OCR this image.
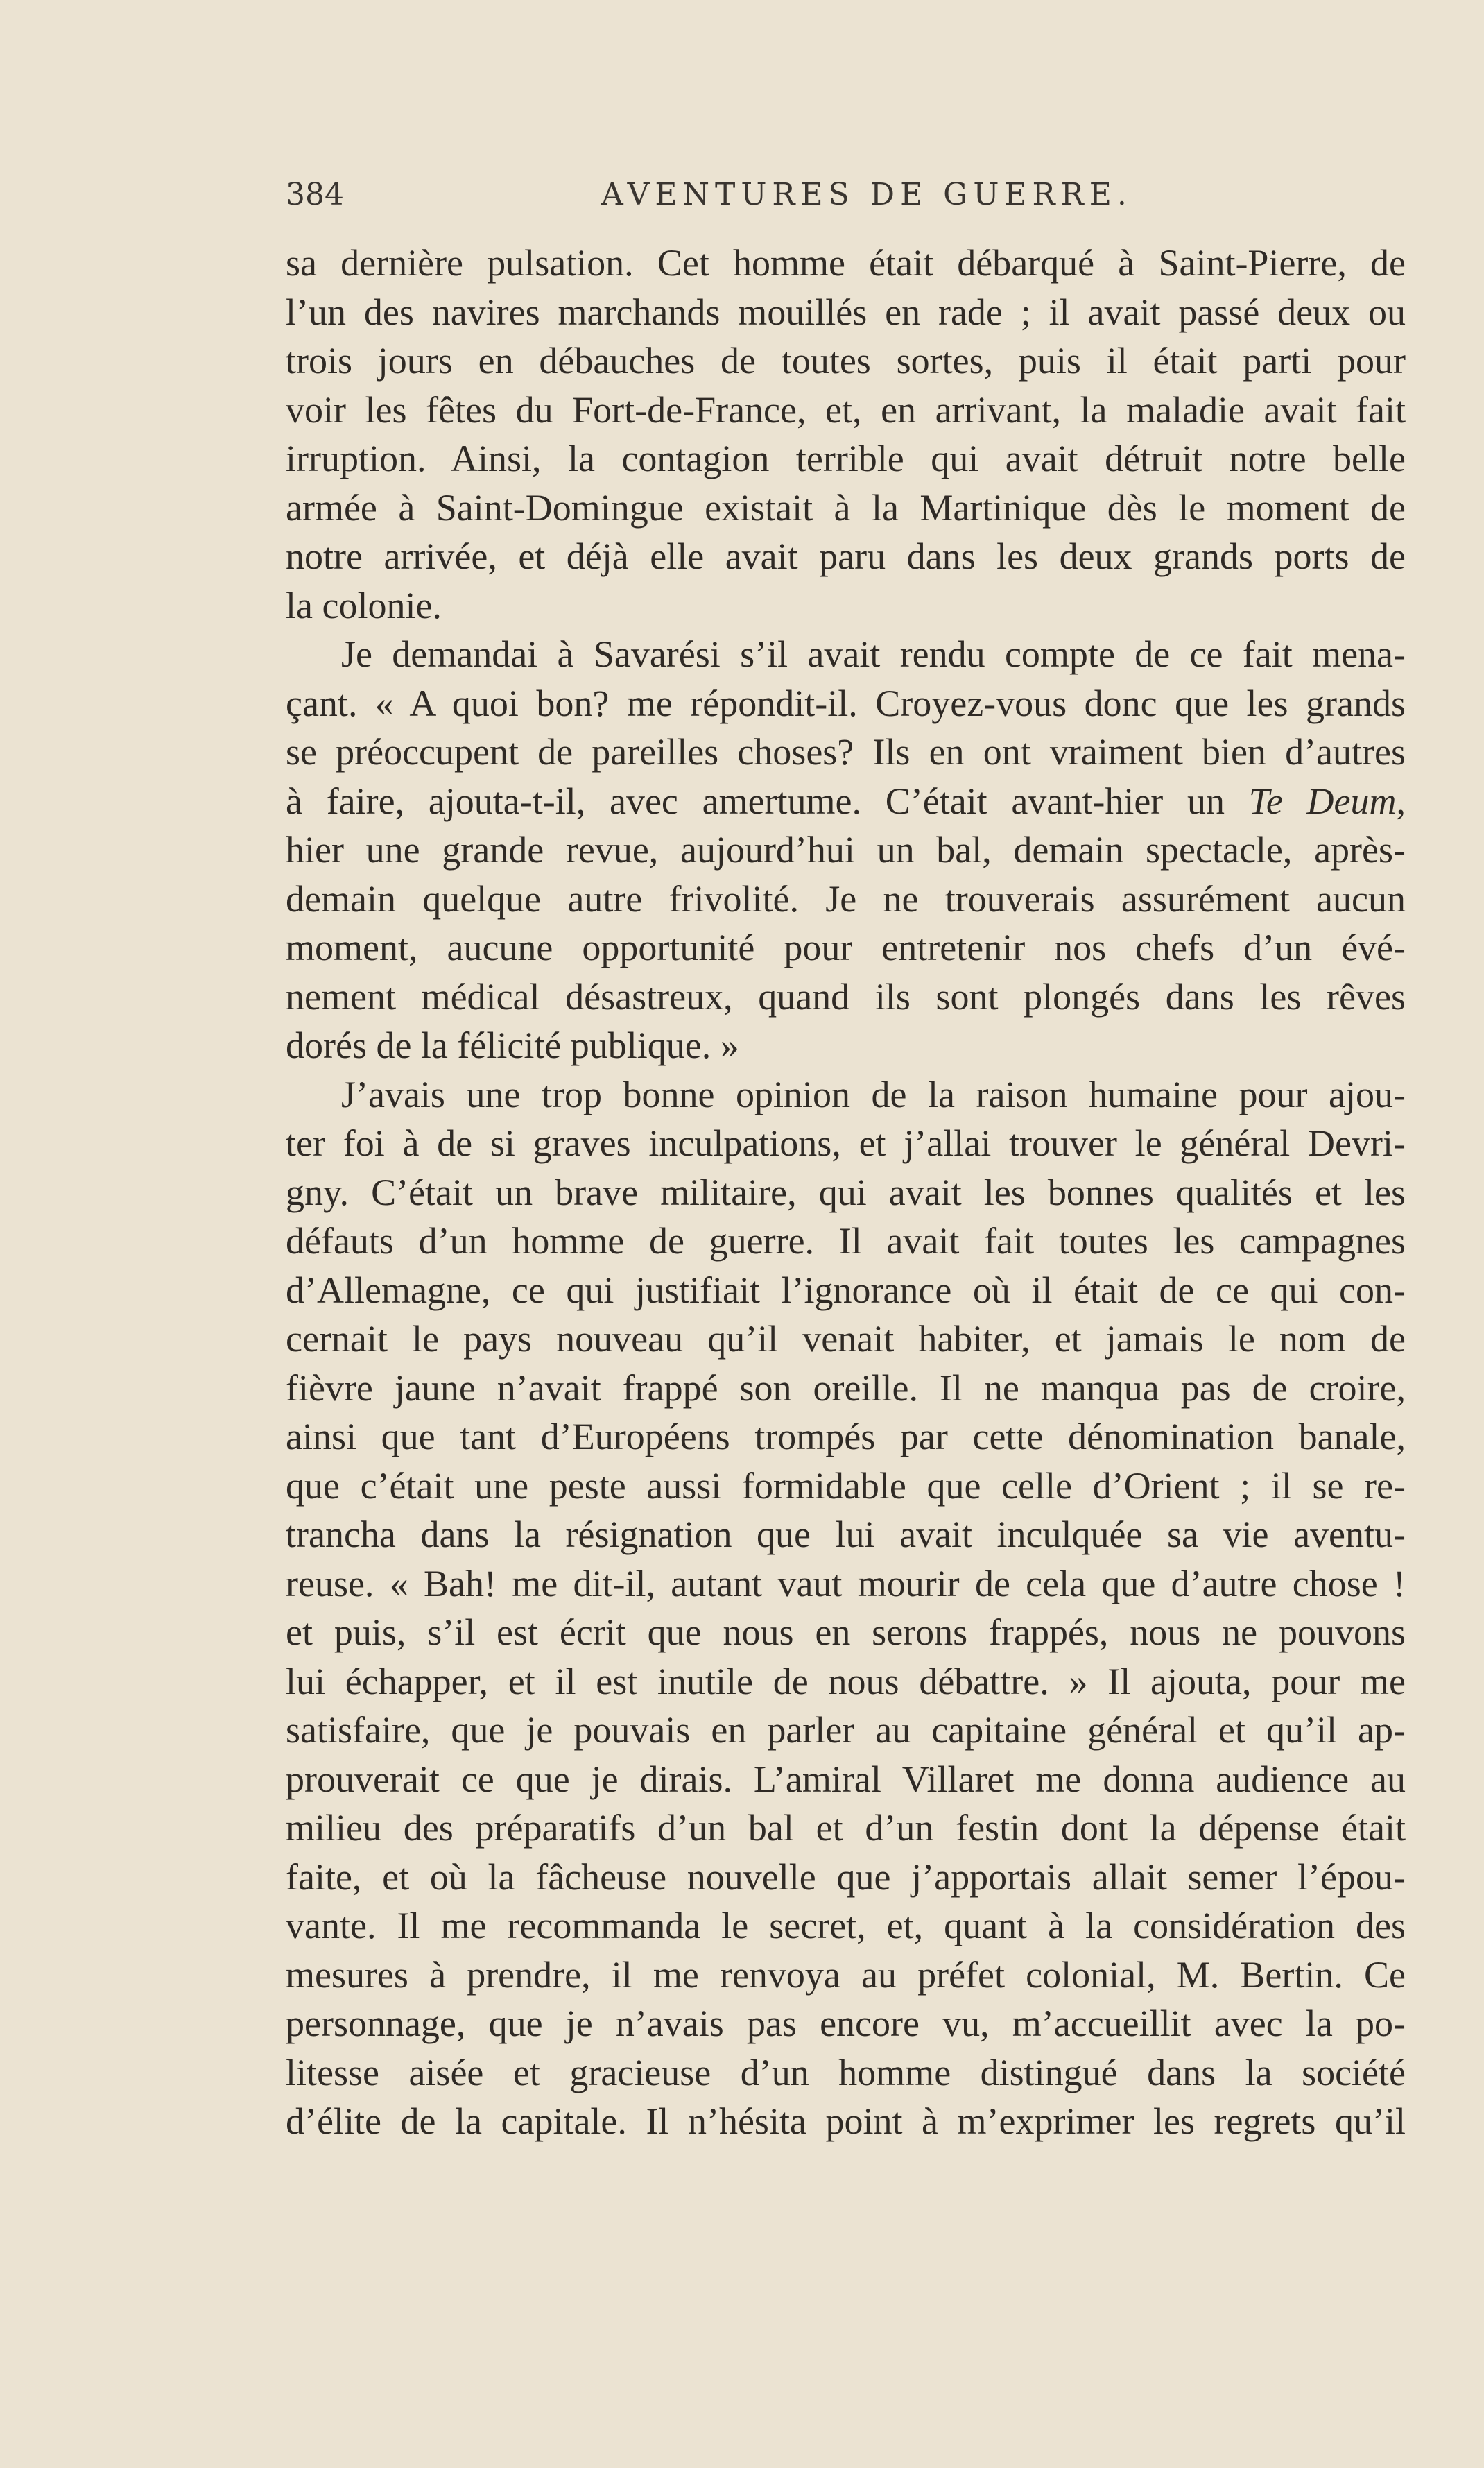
384	AVENTURES DE GUERRE.
sa dernière pulsation. Cet homme était débarqué à Saint-Pierre, de
l’un des navires marchands mouillés en rade ; il avait passé deux ou
trois jours en débauches de toutes sortes, puis il était parti pour
voir les fêtes du Fort-de-France, et, en arrivant, la maladie avait fait
irruption. Ainsi, la contagion terrible qui avait détruit notre belle
armée à Saint-Domingue existait à la Martinique dès le moment de
notre arrivée, et déjà elle avait paru dans les deux grands ports de
la colonie.
Je demandai à Savarési s’il avait rendu compte de ce fait mena-
çant. « A quoi bon? me répondit-il. Croyez-vous donc que les grands
se préoccupent de pareilles choses? Ils en ont vraiment bien d’autres
à faire, ajouta-t-il, avec amertume. C’était avant-hier un Te Deum,
hier une grande revue, aujourd’hui un bal, demain spectacle, après-
demain quelque autre frivolité. Je ne trouverais assurément aucun
moment, aucune opportunité pour entretenir nos chefs d’un évé-
nement médical désastreux, quand ils sont plongés dans les rêves
dorés de la félicité publique. »
J’avais une trop bonne opinion de la raison humaine pour ajou-
ter foi à de si graves inculpations, et j’allai trouver le général Devri-
gny. C’était un brave militaire, qui avait les bonnes qualités et les
défauts d’un homme de guerre. Il avait fait toutes les campagnes
d’Allemagne, ce qui justifiait l’ignorance où il était de ce qui con-
cernait le pays nouveau qu’il venait habiter, et jamais le nom de
fièvre jaune n’avait frappé son oreille. Il ne manqua pas de croire,
ainsi que tant d’Européens trompés par cette dénomination banale,
que c’était une peste aussi formidable que celle d’Orient ; il se re-
trancha dans la résignation que lui avait inculquée sa vie aventu-
reuse. « Bah! me dit-il, autant vaut mourir de cela que d’autre chose !
et puis, s’il est écrit que nous en serons frappés, nous ne pouvons
lui échapper, et il est inutile de nous débattre. » Il ajouta, pour me
satisfaire, que je pouvais en parler au capitaine général et qu’il ap-
prouverait ce que je dirais. L’amiral Villaret me donna audience au
milieu des préparatifs d’un bal et d’un festin dont la dépense était
faite, et où la fâcheuse nouvelle que j’apportais allait semer l’épou-
vante. Il me recommanda le secret, et, quant à la considération des
mesures à prendre, il me renvoya au préfet colonial, M. Bertin. Ce
personnage, que je n’avais pas encore vu, m’accueillit avec la po-
litesse aisée et gracieuse d’un homme distingué dans la société
d’élite de la capitale. Il n’hésita point à m’exprimer les regrets qu’il
